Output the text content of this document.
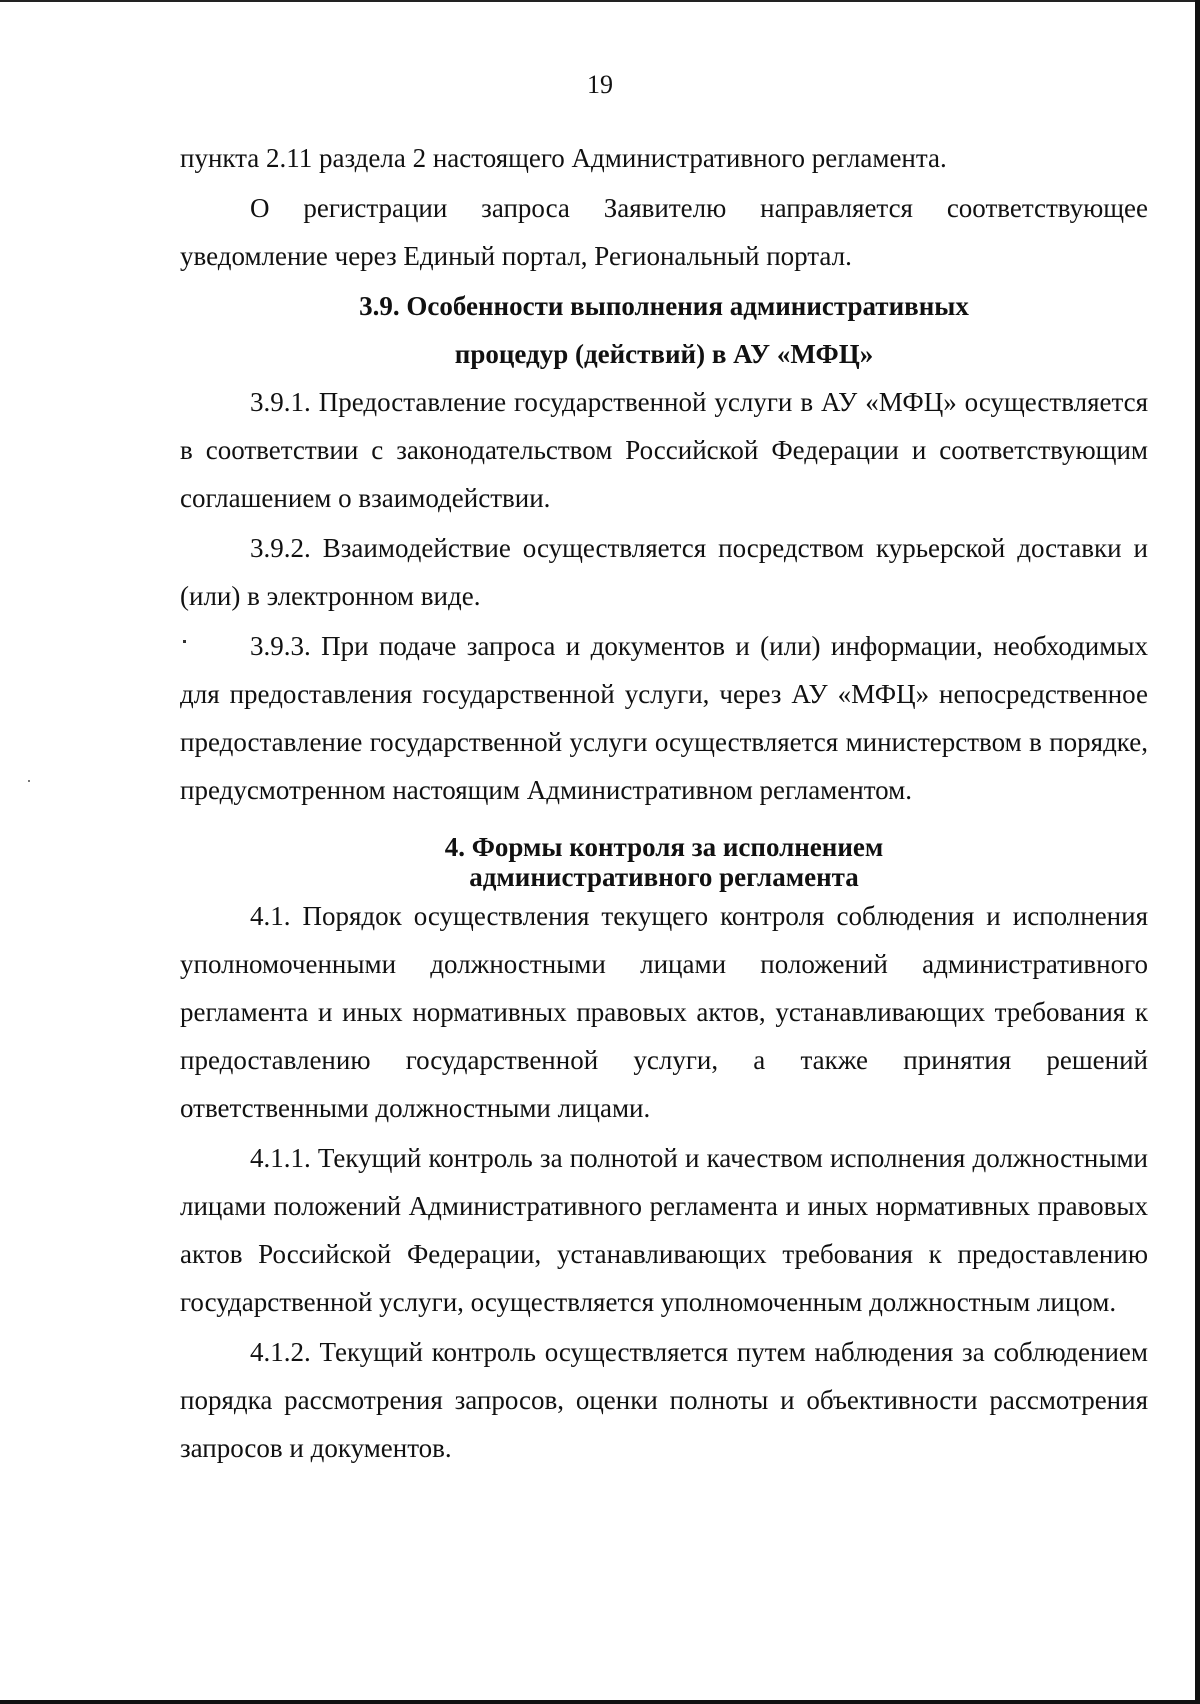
19

пункта 2.11 раздела 2 настоящего Административного регламента.

О регистрации запроса Заявителю направляется соответствующее уведомление через Единый портал, Региональный портал.

3.9. Особенности выполнения административных

процедур (действий) в АУ «МФЦ»

3.9.1. Предоставление государственной услуги в АУ «МФЦ» осуществляется в соответствии с законодательством Российской Федерации и соответствующим соглашением о взаимодействии.

3.9.2. Взаимодействие осуществляется посредством курьерской доставки и (или) в электронном виде.

3.9.3. При подаче запроса и документов и (или) информации, необходимых для предоставления государственной услуги, через АУ «МФЦ» непосредственное предоставление государственной услуги осуществляется министерством в порядке, предусмотренном настоящим Административном регламентом.

4. Формы контроля за исполнением

административного регламента

4.1. Порядок осуществления текущего контроля соблюдения и исполнения уполномоченными должностными лицами положений административного регламента и иных нормативных правовых актов, устанавливающих требования к предоставлению государственной услуги, а также принятия решений ответственными должностными лицами.

4.1.1. Текущий контроль за полнотой и качеством исполнения должностными лицами положений Административного регламента и иных нормативных правовых актов Российской Федерации, устанавливающих требования к предоставлению государственной услуги, осуществляется уполномоченным должностным лицом.

4.1.2. Текущий контроль осуществляется путем наблюдения за соблюдением порядка рассмотрения запросов, оценки полноты и объективности рассмотрения запросов и документов.
